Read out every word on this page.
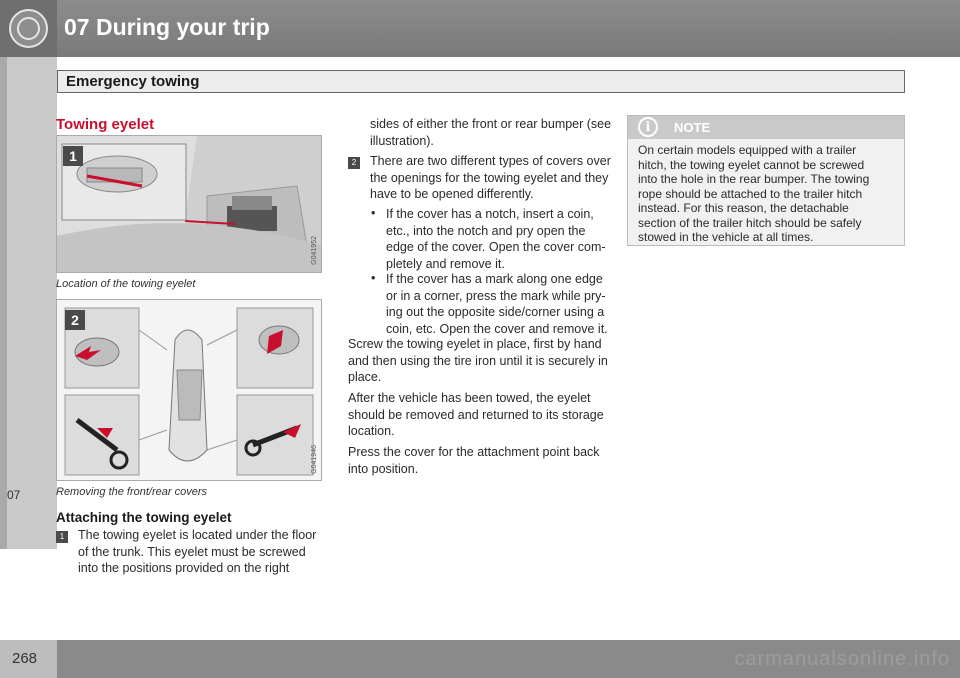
07 During your trip
Emergency towing
07
Towing eyelet
1
G041952
Location of the towing eyelet
2
G041946
Removing the front/rear covers
Attaching the towing eyelet
1	The towing eyelet is located under the floor
of the trunk. This eyelet must be screwed
into the positions provided on the right
sides of either the front or rear bumper (see
illustration).
2	There are two different types of covers over
the openings for the towing eyelet and they
have to be opened differently.
• If the cover has a notch, insert a coin,
etc., into the notch and pry open the
edge of the cover. Open the cover com-
pletely and remove it.
• If the cover has a mark along one edge
or in a corner, press the mark while pry-
ing out the opposite side/corner using a
coin, etc. Open the cover and remove it.
Screw the towing eyelet in place, first by hand
and then using the tire iron until it is securely in
place.
After the vehicle has been towed, the eyelet
should be removed and returned to its storage
location.
Press the cover for the attachment point back
into position.
i	NOTE
On certain models equipped with a trailer
hitch, the towing eyelet cannot be screwed
into the hole in the rear bumper. The towing
rope should be attached to the trailer hitch
instead. For this reason, the detachable
section of the trailer hitch should be safely
stowed in the vehicle at all times.
268	carmanualsonline.info
